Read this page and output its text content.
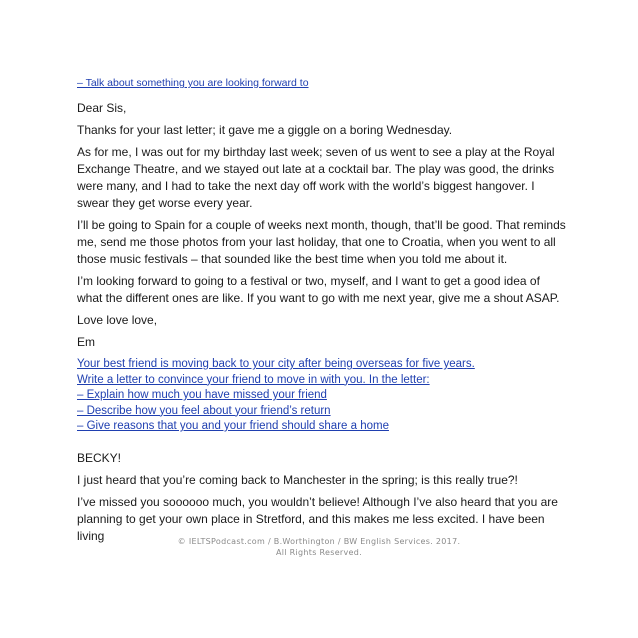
– Talk about something you are looking forward to

Dear Sis,

Thanks for your last letter; it gave me a giggle on a boring Wednesday.

As for me, I was out for my birthday last week; seven of us went to see a play at the Royal Exchange Theatre, and we stayed out late at a cocktail bar. The play was good, the drinks were many, and I had to take the next day off work with the world’s biggest hangover. I swear they get worse every year.

I’ll be going to Spain for a couple of weeks next month, though, that’ll be good. That reminds me, send me those photos from your last holiday, that one to Croatia, when you went to all those music festivals – that sounded like the best time when you told me about it.

I’m looking forward to going to a festival or two, myself, and I want to get a good idea of what the different ones are like. If you want to go with me next year, give me a shout ASAP.

Love love love,

Em

Your best friend is moving back to your city after being overseas for five years.
Write a letter to convince your friend to move in with you. In the letter:
– Explain how much you have missed your friend
– Describe how you feel about your friend’s return
– Give reasons that you and your friend should share a home

BECKY!

I just heard that you’re coming back to Manchester in the spring; is this really true?!

I’ve missed you soooooo much, you wouldn’t believe! Although I’ve also heard that you are planning to get your own place in Stretford, and this makes me less excited. I have been living	© IELTSPodcast.com / B.Worthington / BW English Services. 2017.
All Rights Reserved.
